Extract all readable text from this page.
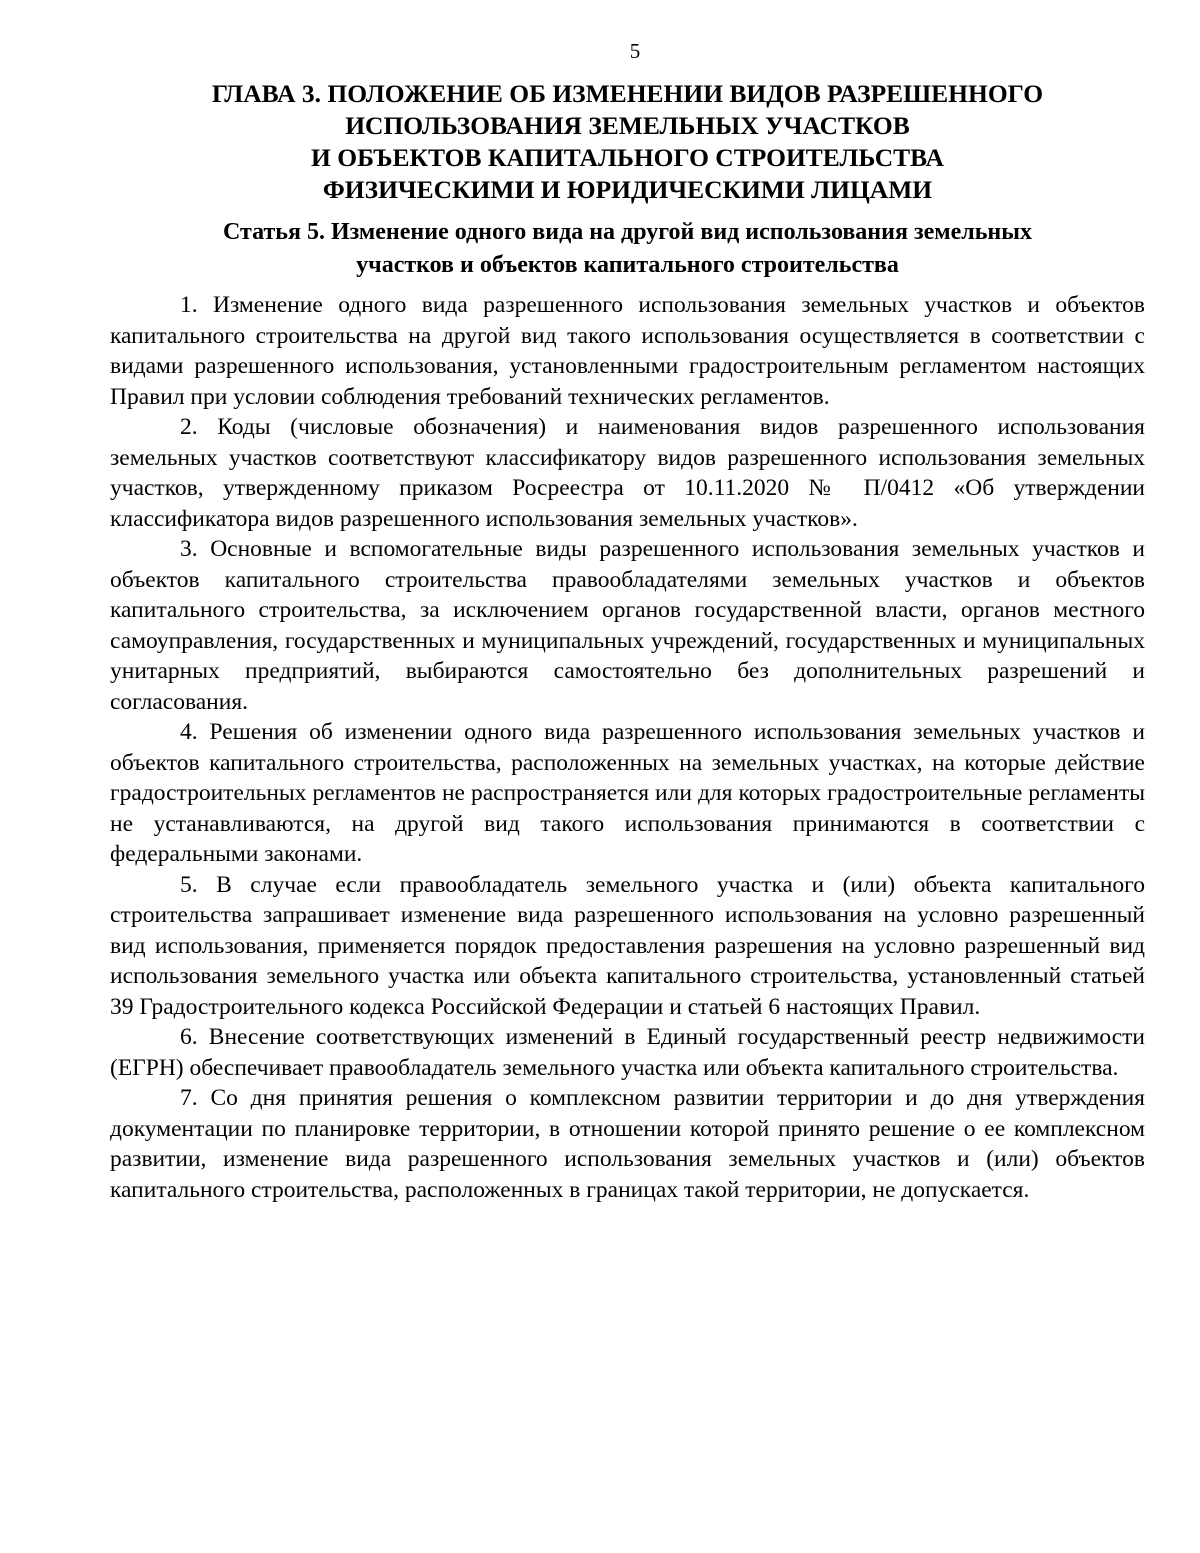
5
ГЛАВА 3. ПОЛОЖЕНИЕ ОБ ИЗМЕНЕНИИ ВИДОВ РАЗРЕШЕННОГО
ИСПОЛЬЗОВАНИЯ ЗЕМЕЛЬНЫХ УЧАСТКОВ
И ОБЪЕКТОВ КАПИТАЛЬНОГО СТРОИТЕЛЬСТВА
ФИЗИЧЕСКИМИ И ЮРИДИЧЕСКИМИ ЛИЦАМИ
Статья 5. Изменение одного вида на другой вид использования земельных
участков и объектов капитального строительства

1. Изменение одного вида разрешенного использования земельных участков и объектов капитального строительства на другой вид такого использования осуществляется в соответствии с видами разрешенного использования, установленными градостроительным регламентом настоящих Правил при условии соблюдения требований технических регламентов.

2. Коды (числовые обозначения) и наименования видов разрешенного использования земельных участков соответствуют классификатору видов разрешенного использования земельных участков, утвержденному приказом Росреестра от 10.11.2020 № П/0412 «Об утверждении классификатора видов разрешенного использования земельных участков».

3. Основные и вспомогательные виды разрешенного использования земельных участков и объектов капитального строительства правообладателями земельных участков и объектов капитального строительства, за исключением органов государственной власти, органов местного самоуправления, государственных и муниципальных учреждений, государственных и муниципальных унитарных предприятий, выбираются самостоятельно без дополнительных разрешений и согласования.

4. Решения об изменении одного вида разрешенного использования земельных участков и объектов капитального строительства, расположенных на земельных участках, на которые действие градостроительных регламентов не распространяется или для которых градостроительные регламенты не устанавливаются, на другой вид такого использования принимаются в соответствии с федеральными законами.

5. В случае если правообладатель земельного участка и (или) объекта капитального строительства запрашивает изменение вида разрешенного использования на условно разрешенный вид использования, применяется порядок предоставления разрешения на условно разрешенный вид использования земельного участка или объекта капитального строительства, установленный статьей 39 Градостроительного кодекса Российской Федерации и статьей 6 настоящих Правил.

6. Внесение соответствующих изменений в Единый государственный реестр недвижимости (ЕГРН) обеспечивает правообладатель земельного участка или объекта капитального строительства.

7. Со дня принятия решения о комплексном развитии территории и до дня утверждения документации по планировке территории, в отношении которой принято решение о ее комплексном развитии, изменение вида разрешенного использования земельных участков и (или) объектов капитального строительства, расположенных в границах такой территории, не допускается.
